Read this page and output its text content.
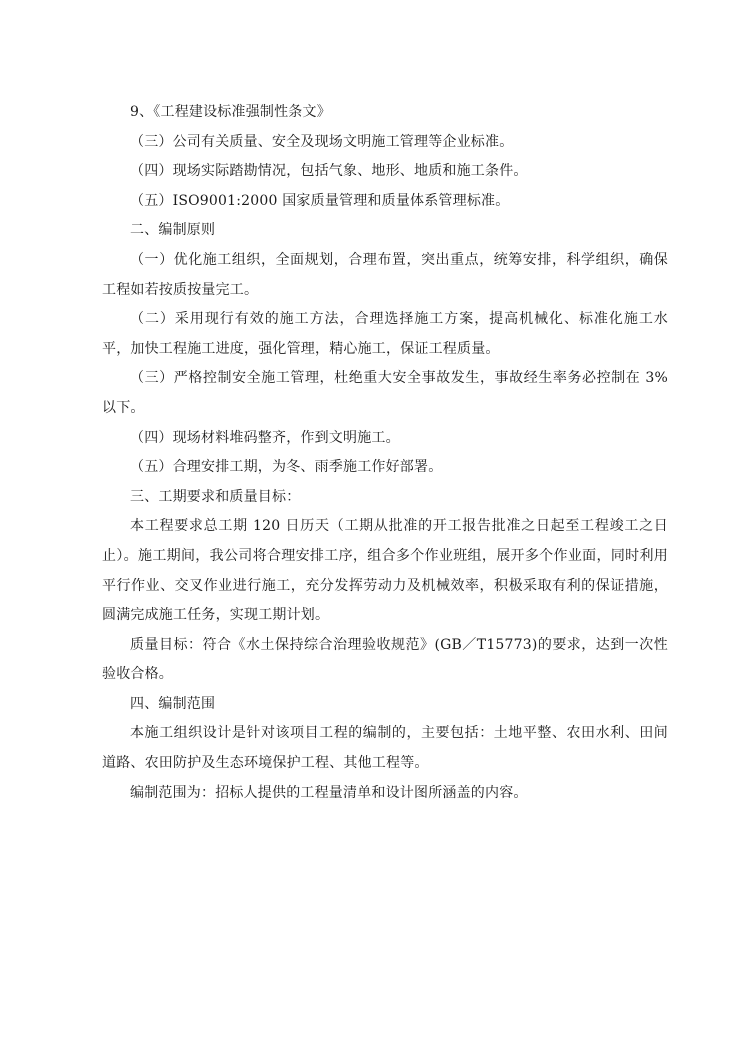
9、《工程建设标准强制性条文》

（三）公司有关质量、安全及现场文明施工管理等企业标准。

（四）现场实际踏勘情况，包括气象、地形、地质和施工条件。

（五）ISO9001:2000 国家质量管理和质量体系管理标准。

二、编制原则

（一）优化施工组织，全面规划，合理布置，突出重点，统筹安排，科学组织，确保工程如若按质按量完工。

（二）采用现行有效的施工方法，合理选择施工方案，提高机械化、标准化施工水平，加快工程施工进度，强化管理，精心施工，保证工程质量。

（三）严格控制安全施工管理，杜绝重大安全事故发生，事故经生率务必控制在 3%以下。

（四）现场材料堆码整齐，作到文明施工。

（五）合理安排工期，为冬、雨季施工作好部署。

三、工期要求和质量目标：

本工程要求总工期 120 日历天（工期从批准的开工报告批准之日起至工程竣工之日止）。施工期间，我公司将合理安排工序，组合多个作业班组，展开多个作业面，同时利用平行作业、交叉作业进行施工，充分发挥劳动力及机械效率，积极采取有利的保证措施，圆满完成施工任务，实现工期计划。

质量目标：符合《水土保持综合治理验收规范》(GB／T15773)的要求，达到一次性验收合格。

四、编制范围

本施工组织设计是针对该项目工程的编制的，主要包括：土地平整、农田水利、田间道路、农田防护及生态环境保护工程、其他工程等。

编制范围为：招标人提供的工程量清单和设计图所涵盖的内容。
